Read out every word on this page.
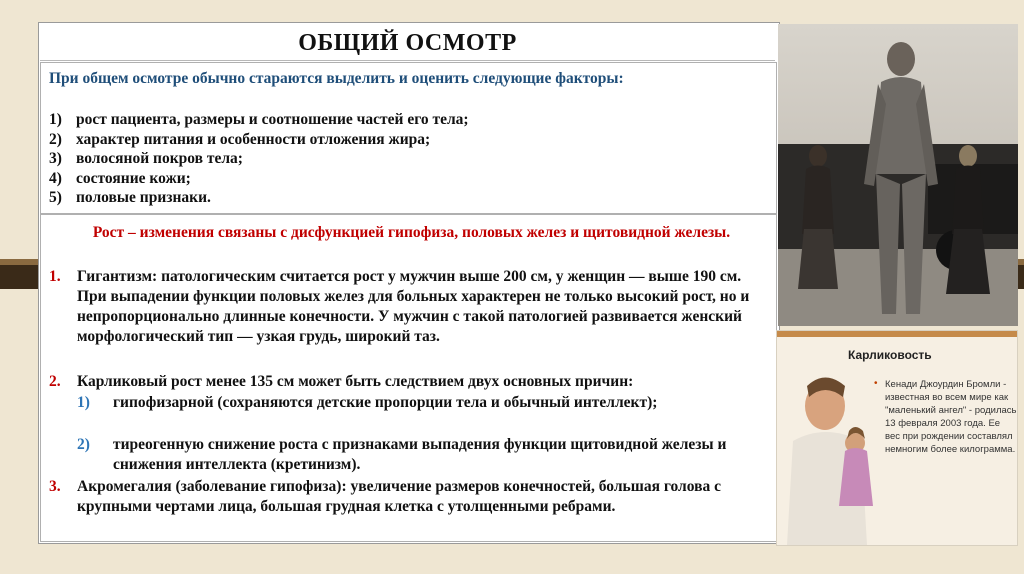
ОБЩИЙ ОСМОТР
При общем осмотре обычно стараются выделить и оценить следующие факторы:
1) рост пациента, размеры и соотношение частей его тела;
2) характер питания и особенности отложения жира;
3) волосяной покров тела;
4) состояние кожи;
5) половые признаки.
Рост – изменения связаны с дисфункцией гипофиза, половых желез и щитовидной железы.
1. Гигантизм: патологическим считается рост у мужчин выше 200 см, у женщин — выше 190 см. При выпадении функции половых желез для больных характерен не только высокий рост, но и непропорционально длинные конечности. У мужчин с такой патологией развивается женский морфологический тип — узкая грудь, широкий таз.
2. Карликовый рост менее 135 см может быть следствием двух основных причин:
1) гипофизарной (сохраняются детские пропорции тела и обычный интеллект);
2) тиреогенную снижение роста с признаками выпадения функции щитовидной железы и снижения интеллекта (кретинизм).
3. Акромегалия (заболевание гипофиза): увеличение размеров конечностей, большая голова с крупными чертами лица, большая грудная клетка с утолщенными ребрами.
Карликовость
• Кенади Джоурдин Бромли - известная во всем мире как "маленький ангел" - родилась 13 февраля 2003 года. Ее вес при рождении составлял немногим более килограмма.
